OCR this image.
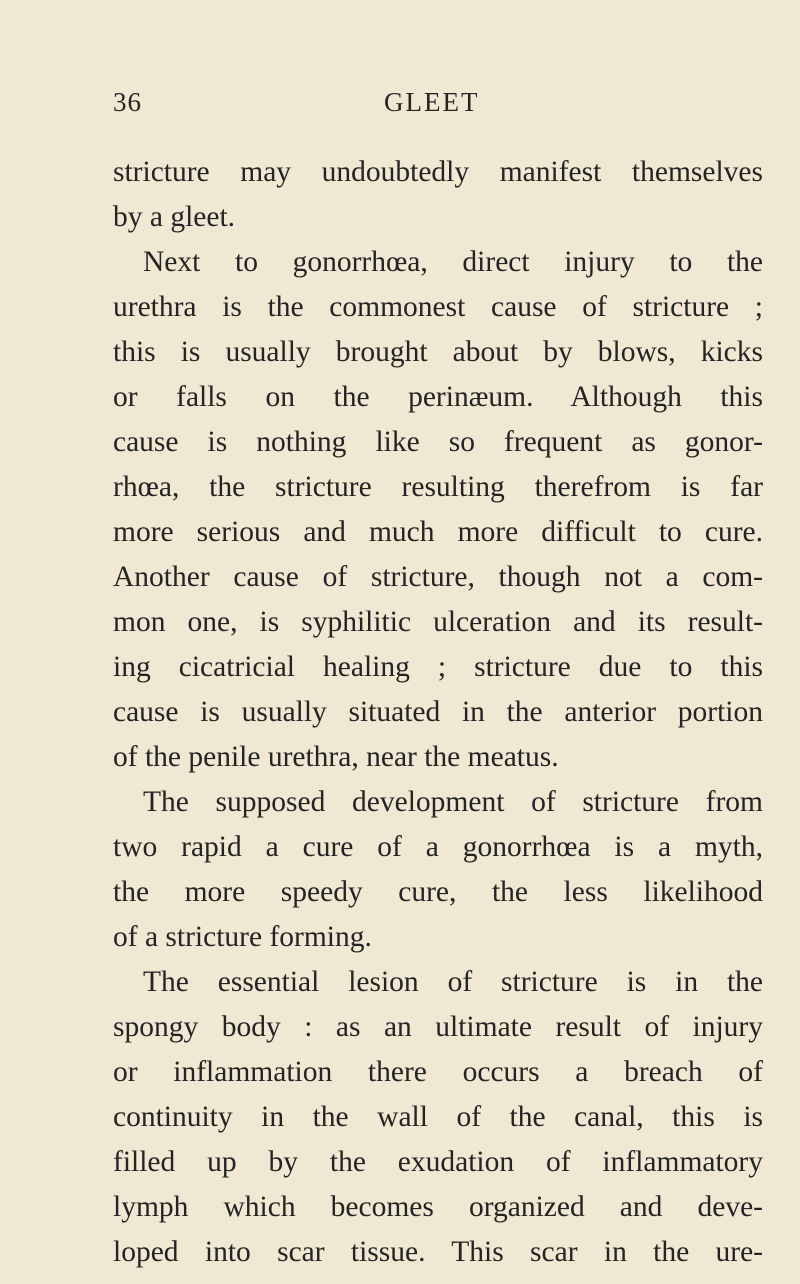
36	GLEET
stricture may undoubtedly manifest themselves
by a gleet.
Next to gonorrhœa, direct injury to the
urethra is the commonest cause of stricture ;
this is usually brought about by blows, kicks
or falls on the perinæum. Although this
cause is nothing like so frequent as gonor-
rhœa, the stricture resulting therefrom is far
more serious and much more difficult to cure.
Another cause of stricture, though not a com-
mon one, is syphilitic ulceration and its result-
ing cicatricial healing ; stricture due to this
cause is usually situated in the anterior portion
of the penile urethra, near the meatus.
The supposed development of stricture from
two rapid a cure of a gonorrhœa is a myth,
the more speedy cure, the less likelihood
of a stricture forming.
The essential lesion of stricture is in the
spongy body : as an ultimate result of injury
or inflammation there occurs a breach of
continuity in the wall of the canal, this is
filled up by the exudation of inflammatory
lymph which becomes organized and deve-
loped into scar tissue. This scar in the ure-
